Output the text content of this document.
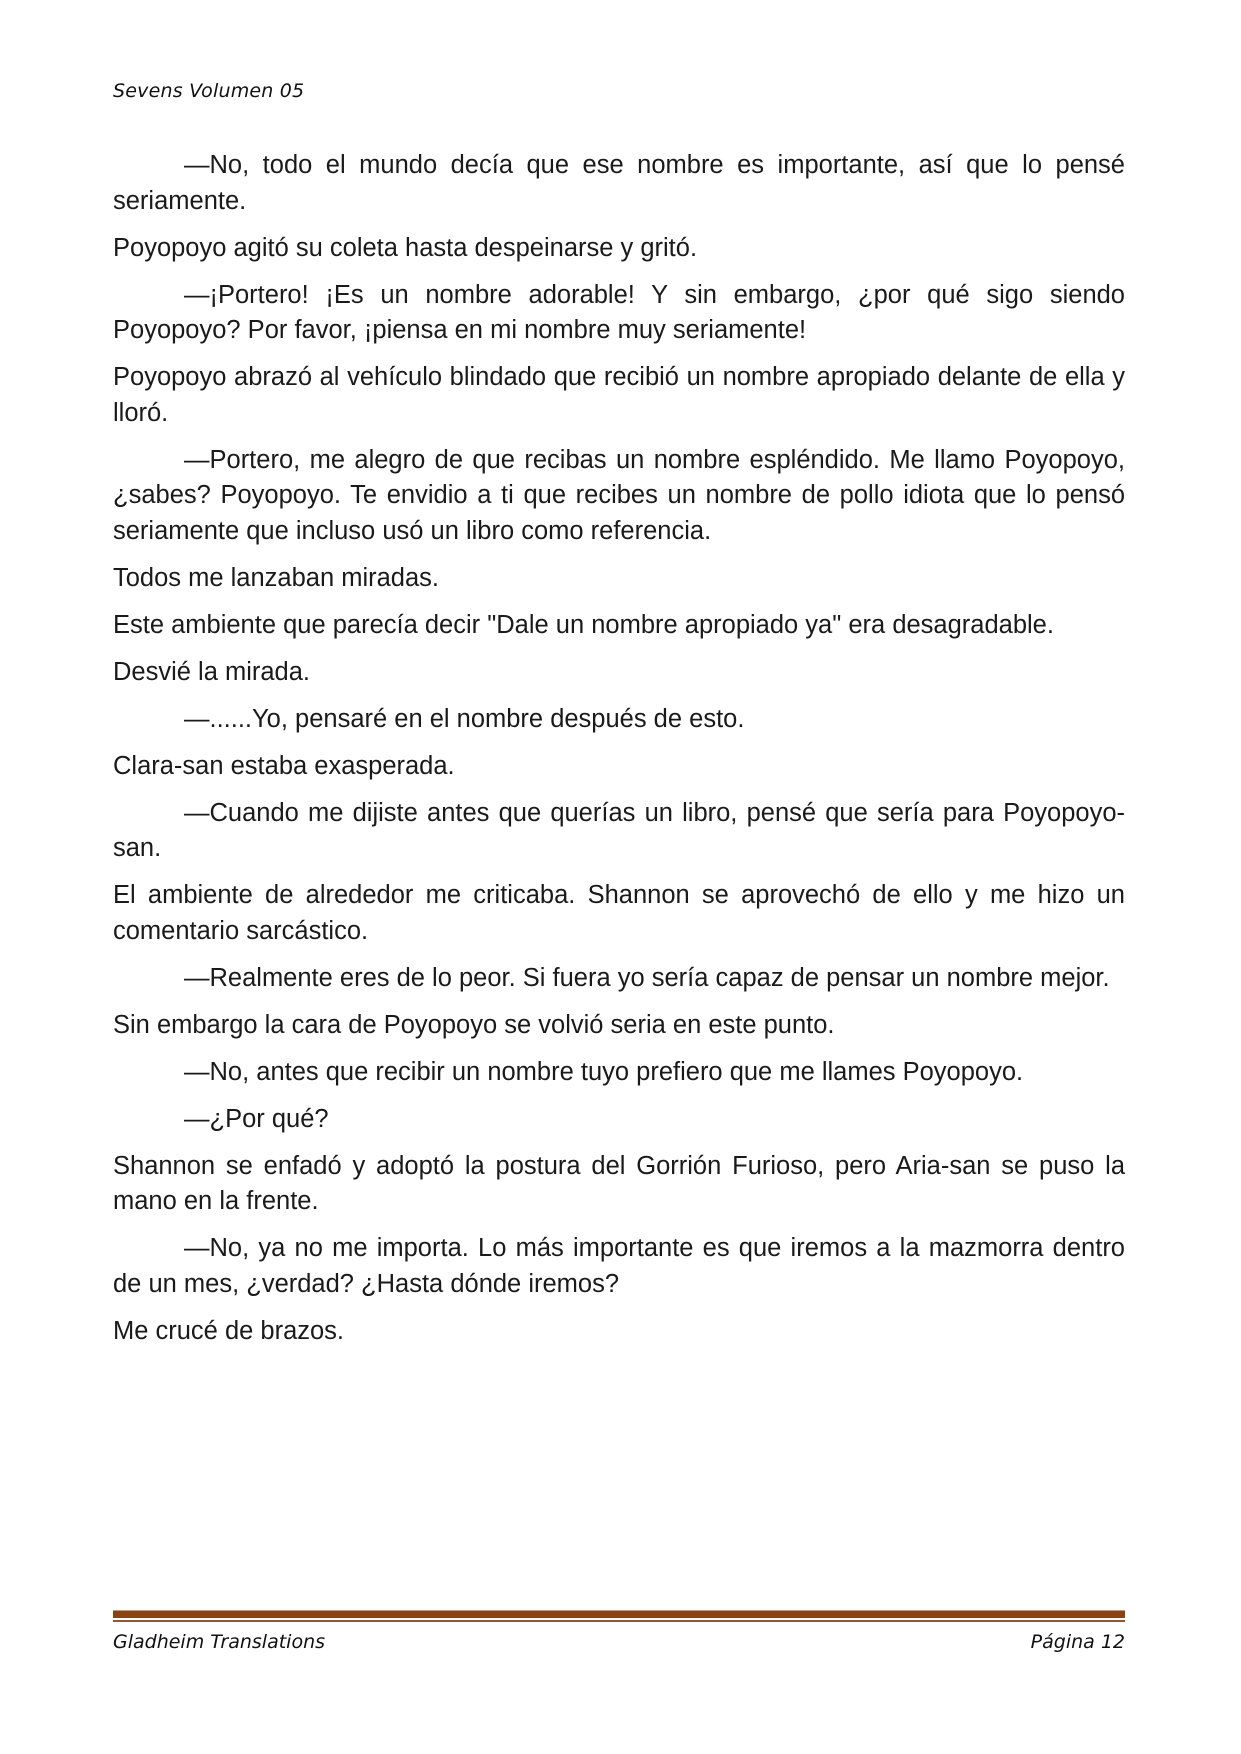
Sevens Volumen 05

—No, todo el mundo decía que ese nombre es importante, así que lo pensé seriamente.

Poyopoyo agitó su coleta hasta despeinarse y gritó.

—¡Portero! ¡Es un nombre adorable! Y sin embargo, ¿por qué sigo siendo Poyopoyo? Por favor, ¡piensa en mi nombre muy seriamente!

Poyopoyo abrazó al vehículo blindado que recibió un nombre apropiado delante de ella y lloró.

—Portero, me alegro de que recibas un nombre espléndido. Me llamo Poyopoyo, ¿sabes? Poyopoyo. Te envidio a ti que recibes un nombre de pollo idiota que lo pensó seriamente que incluso usó un libro como referencia.

Todos me lanzaban miradas.

Este ambiente que parecía decir "Dale un nombre apropiado ya" era desagradable.

Desvié la mirada.

—......Yo, pensaré en el nombre después de esto.

Clara-san estaba exasperada.

—Cuando me dijiste antes que querías un libro, pensé que sería para Poyopoyo-san.

El ambiente de alrededor me criticaba. Shannon se aprovechó de ello y me hizo un comentario sarcástico.

—Realmente eres de lo peor. Si fuera yo sería capaz de pensar un nombre mejor.

Sin embargo la cara de Poyopoyo se volvió seria en este punto.

—No, antes que recibir un nombre tuyo prefiero que me llames Poyopoyo.

—¿Por qué?

Shannon se enfadó y adoptó la postura del Gorrión Furioso, pero Aria-san se puso la mano en la frente.

—No, ya no me importa. Lo más importante es que iremos a la mazmorra dentro de un mes, ¿verdad? ¿Hasta dónde iremos?

Me crucé de brazos.

Gladheim Translations	Página 12
